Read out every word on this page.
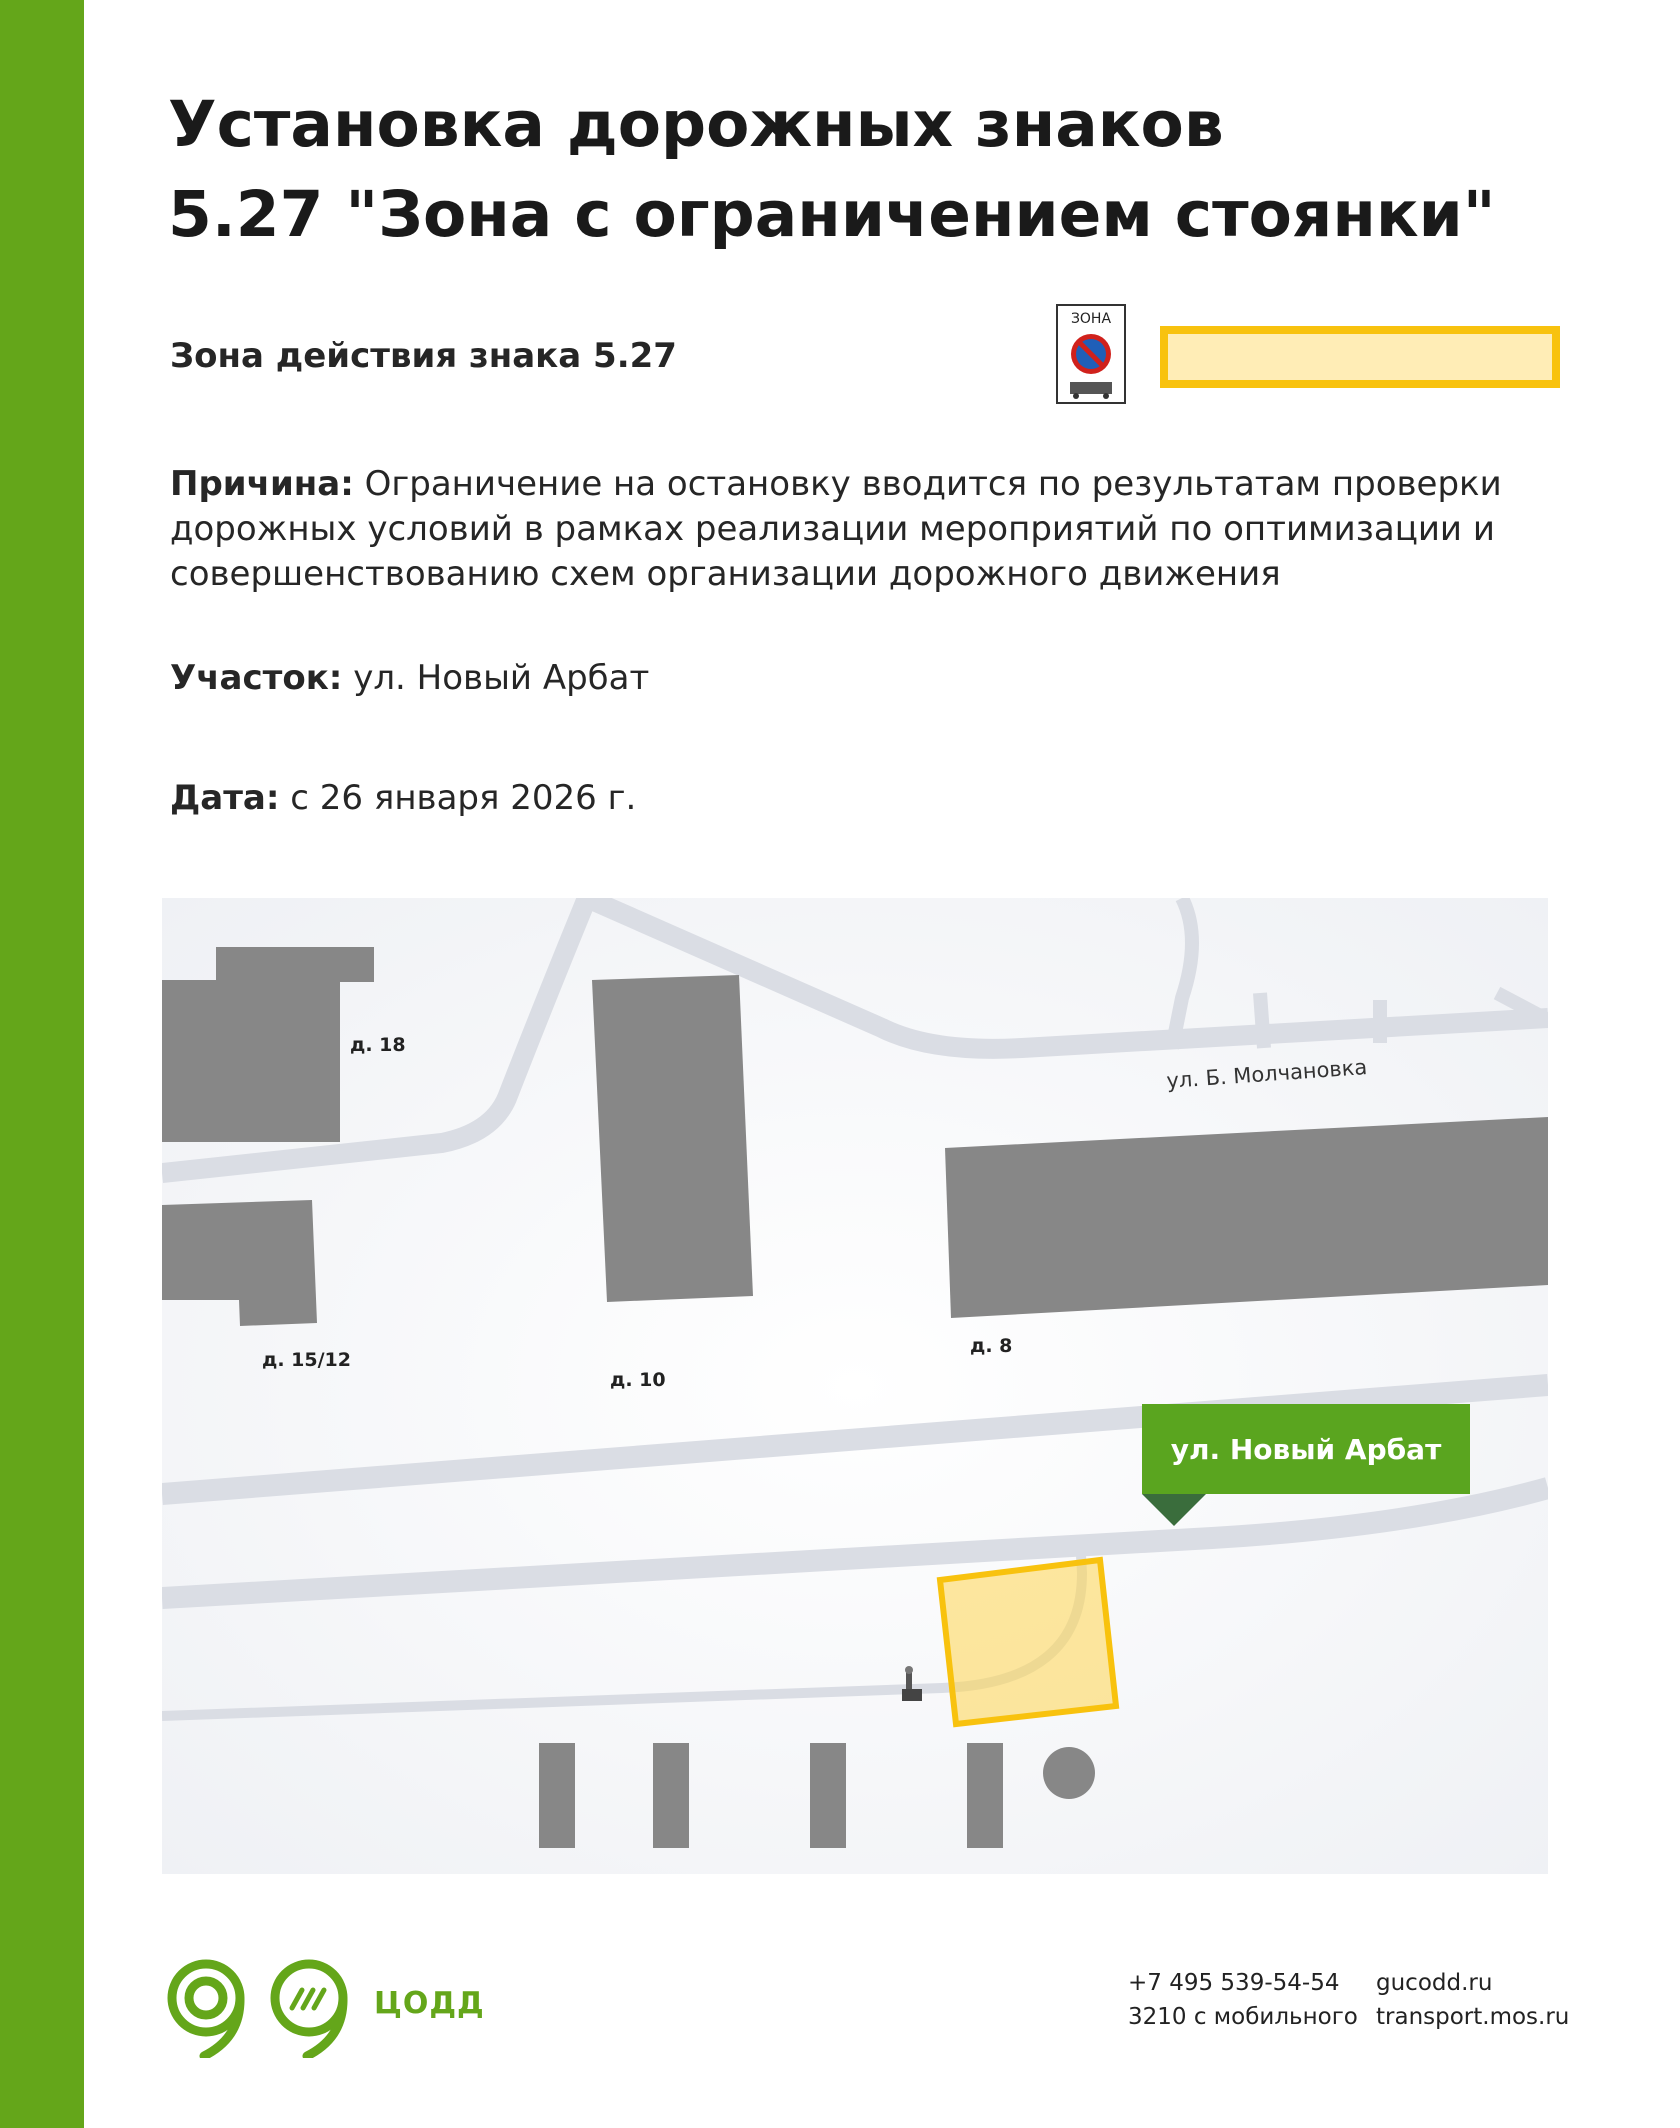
Установка дорожных знаков
5.27 "Зона с ограничением стоянки"
Зона действия знака 5.27
ЗОНА
Причина: Ограничение на остановку вводится по результатам проверки дорожных условий в рамках реализации мероприятий по оптимизации и совершенствованию схем организации дорожного движения
Участок: ул. Новый Арбат
Дата: с 26 января 2026 г.
д. 18
д. 15/12
д. 10
д. 8
ул. Б. Молчановка
ул. Новый Арбат
ЦОДД
+7 495 539-54-54
3210 с мобильного
gucodd.ru
transport.mos.ru
